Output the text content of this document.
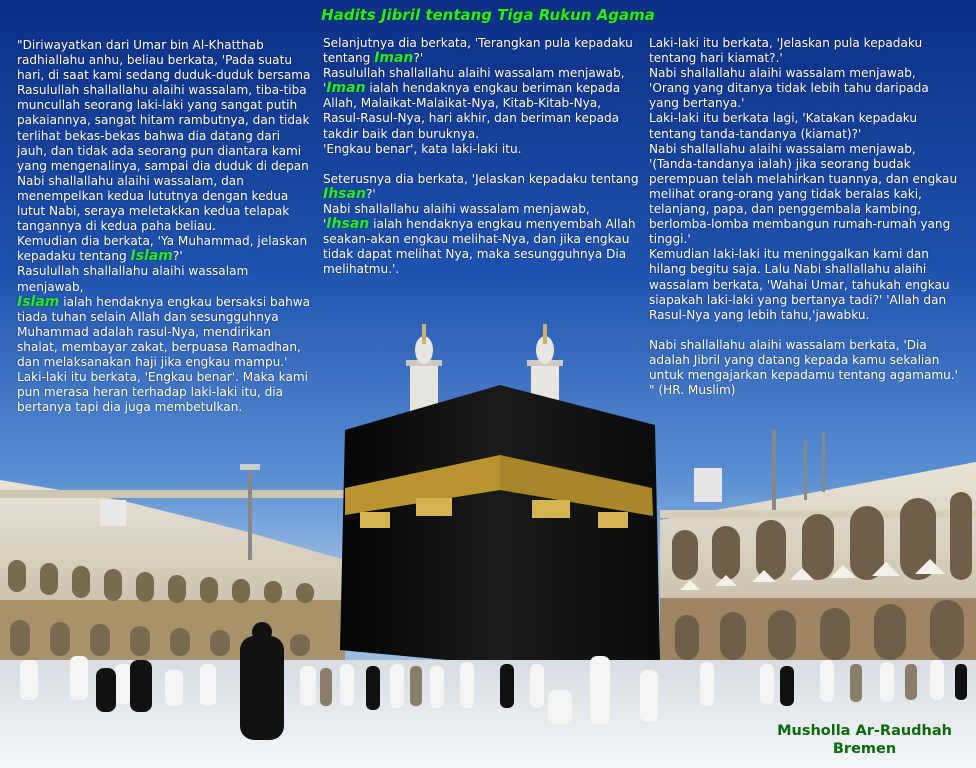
Hadits Jibril tentang Tiga Rukun Agama

"Diriwayatkan dari Umar bin Al-Khatthab radhiallahu anhu, beliau berkata, 'Pada suatu hari, di saat kami sedang duduk-duduk bersama Rasulullah shallallahu alaihi wassalam, tiba-tiba muncullah seorang laki-laki yang sangat putih pakaiannya, sangat hitam rambutnya, dan tidak terlihat bekas-bekas bahwa dia datang dari jauh, dan tidak ada seorang pun diantara kami yang mengenalinya, sampai dia duduk di depan Nabi shallallahu alaihi wassalam, dan menempelkan kedua lututnya dengan kedua lutut Nabi, seraya meletakkan kedua telapak tangannya di kedua paha beliau.

Kemudian dia berkata, 'Ya Muhammad, jelaskan kepadaku tentang Islam?'

Rasulullah shallallahu alaihi wassalam menjawab,

Islam ialah hendaknya engkau bersaksi bahwa tiada tuhan selain Allah dan sesungguhnya Muhammad adalah rasul-Nya, mendirikan shalat, membayar zakat, berpuasa Ramadhan, dan melaksanakan haji jika engkau mampu.'

Laki-laki itu berkata, 'Engkau benar'. Maka kami pun merasa heran terhadap laki-laki itu, dia bertanya tapi dia juga membetulkan.

Selanjutnya dia berkata, 'Terangkan pula kepadaku tentang Iman?'

Rasulullah shallallahu alaihi wassalam menjawab,

'Iman ialah hendaknya engkau beriman kepada Allah, Malaikat-Malaikat-Nya, Kitab-Kitab-Nya, Rasul-Rasul-Nya, hari akhir, dan beriman kepada takdir baik dan buruknya.

'Engkau benar', kata laki-laki itu.

Seterusnya dia berkata, 'Jelaskan kepadaku tentang Ihsan?'

Nabi shallallahu alaihi wassalam menjawab,

'Ihsan ialah hendaknya engkau menyembah Allah seakan-akan engkau melihat-Nya, dan jika engkau tidak dapat melihat Nya, maka sesungguhnya Dia melihatmu.'.

Laki-laki itu berkata, 'Jelaskan pula kepadaku tentang hari kiamat?.'

Nabi shallallahu alaihi wassalam menjawab,

'Orang yang ditanya tidak lebih tahu daripada yang bertanya.'

Laki-laki itu berkata lagi, 'Katakan kepadaku tentang tanda-tandanya (kiamat)?'

Nabi shallallahu alaihi wassalam menjawab,

'(Tanda-tandanya ialah) jika seorang budak perempuan telah melahirkan tuannya, dan engkau melihat orang-orang yang tidak beralas kaki, telanjang, papa, dan penggembala kambing, berlomba-lomba membangun rumah-rumah yang tinggi.'

Kemudian laki-laki itu meninggalkan kami dan hilang begitu saja. Lalu Nabi shallallahu alaihi wassalam berkata, 'Wahai Umar, tahukah engkau siapakah laki-laki yang bertanya tadi?' 'Allah dan Rasul-Nya yang lebih tahu,'jawabku.

Nabi shallallahu alaihi wassalam berkata, 'Dia adalah Jibril yang datang kepada kamu sekalian untuk mengajarkan kepadamu tentang agamamu.' " (HR. Muslim)

Musholla Ar-Raudhah
Bremen
